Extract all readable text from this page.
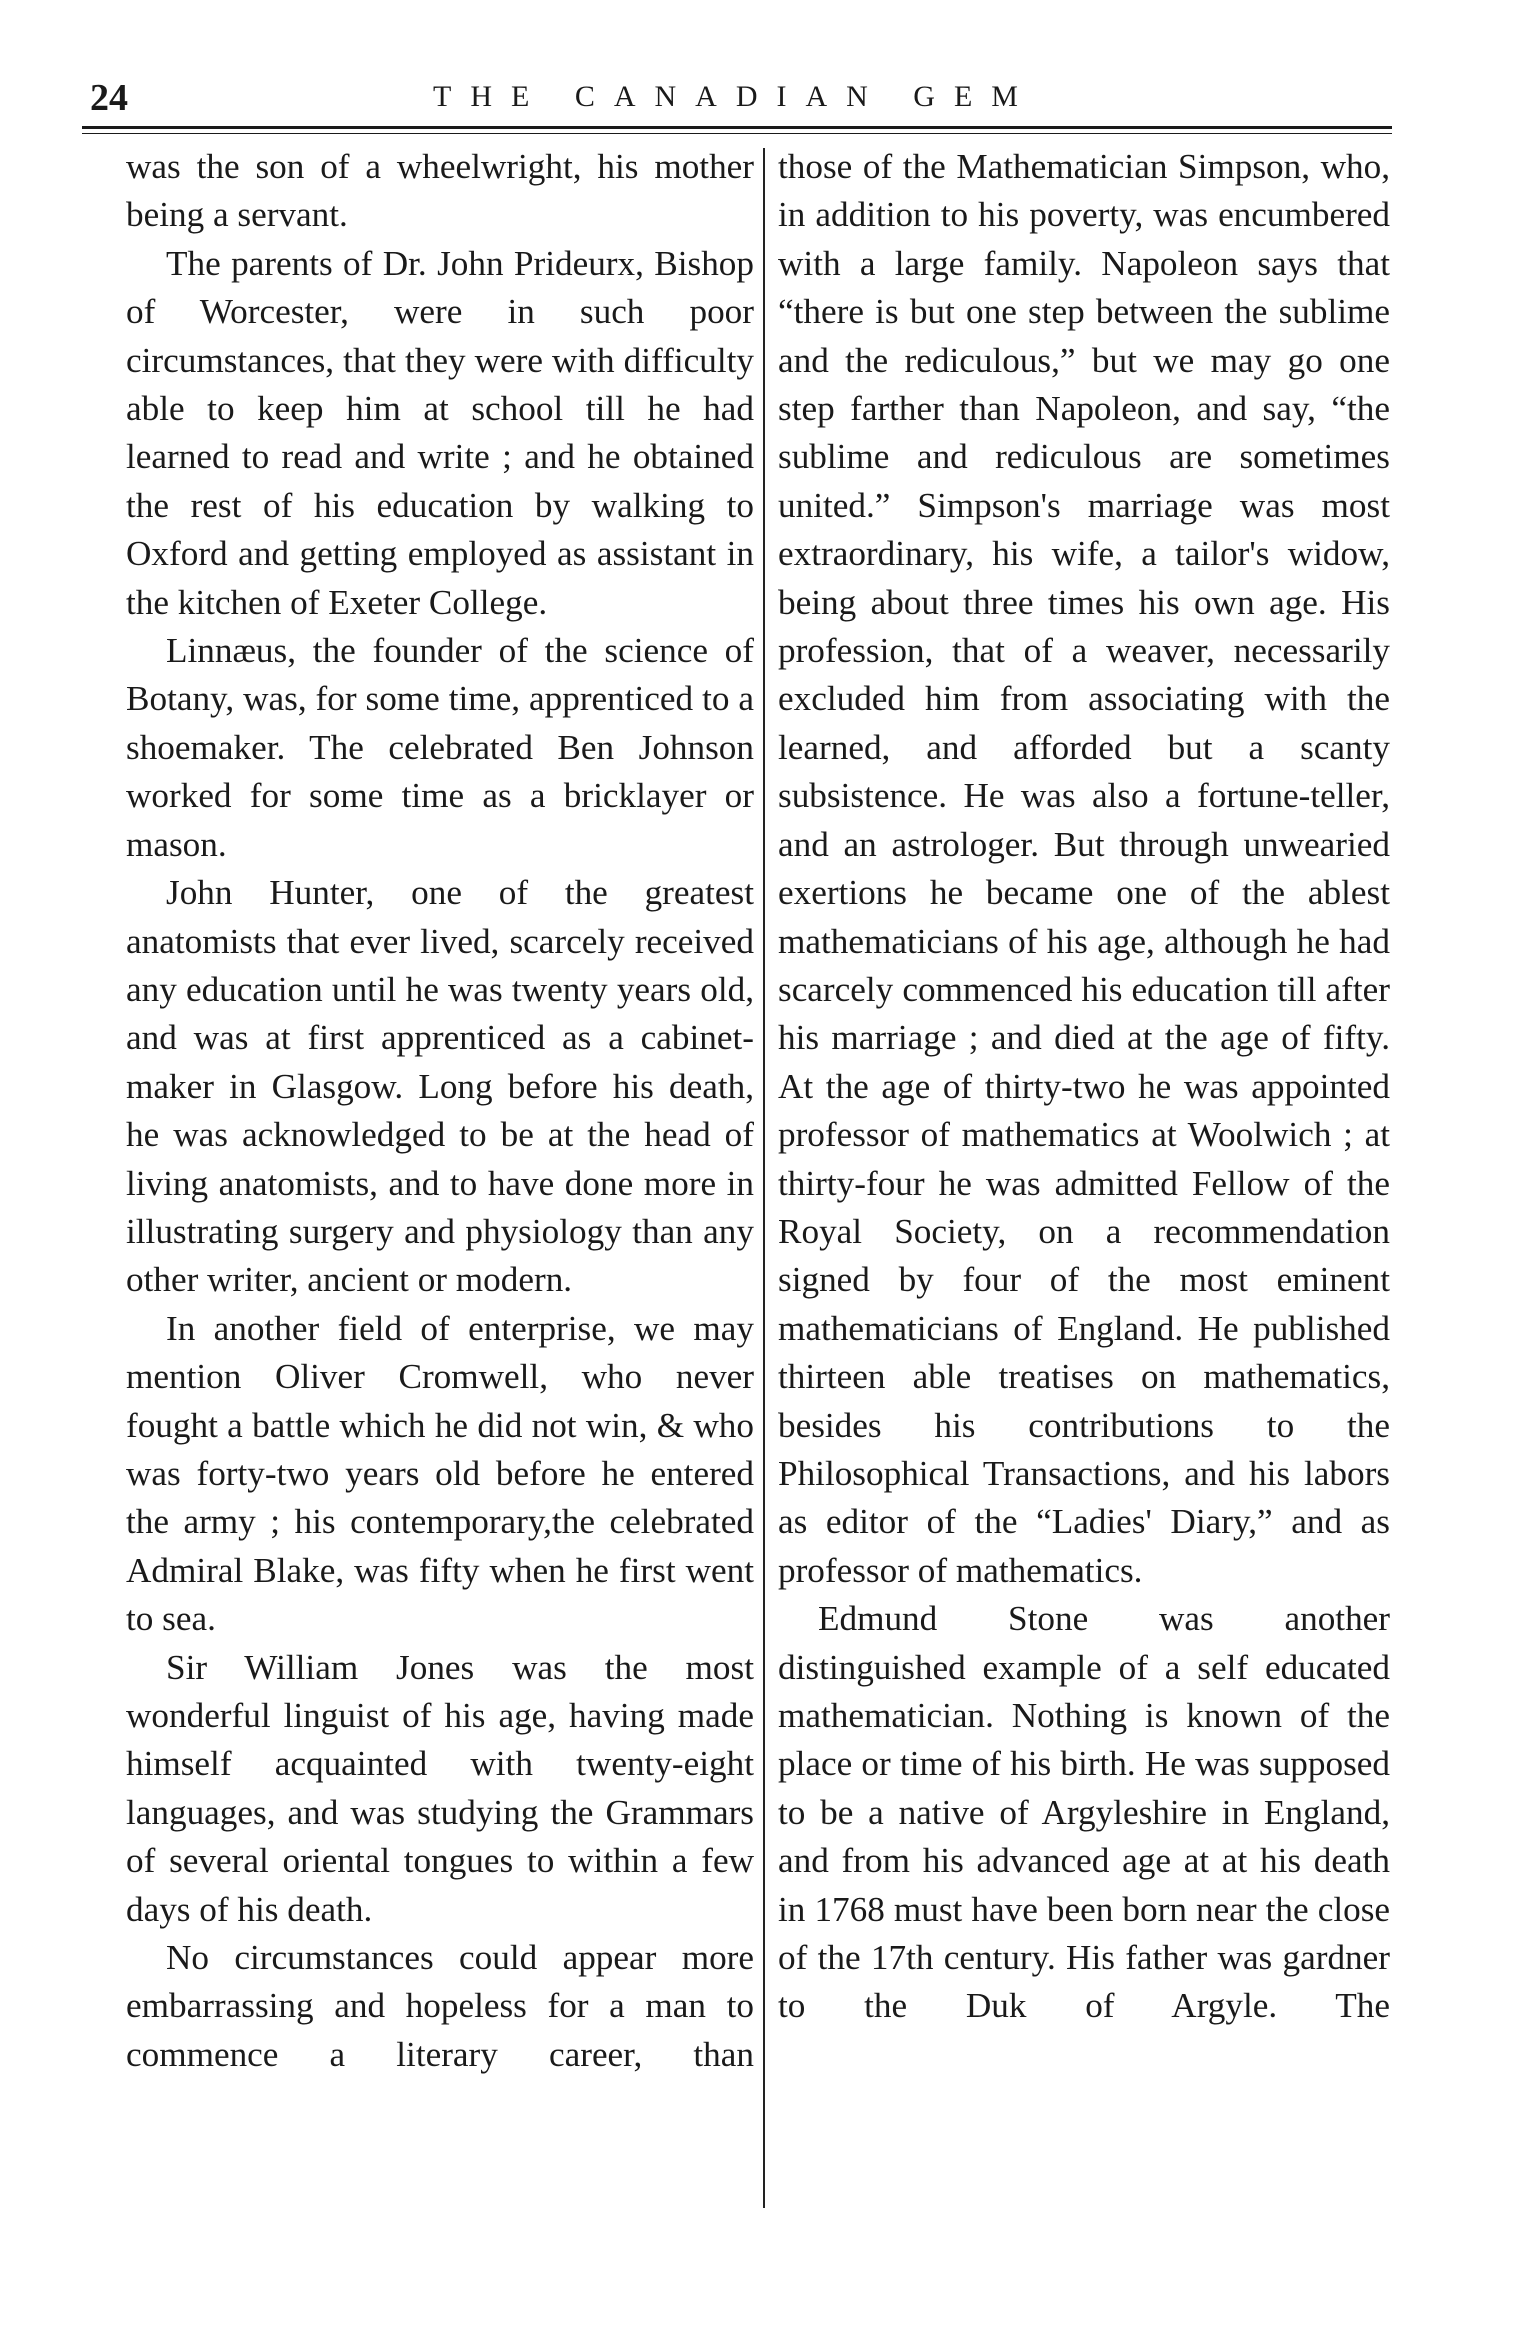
24	THE CANADIAN GEM

was the son of a wheelwright, his mother being a servant.

The parents of Dr. John Prideurx, Bishop of Worcester, were in such poor circumstances, that they were with difficulty able to keep him at school till he had learned to read and write ; and he obtained the rest of his education by walking to Oxford and getting employed as assistant in the kitchen of Exeter College.

Linnæus, the founder of the science of Botany, was, for some time, apprenticed to a shoemaker. The celebrated Ben Johnson worked for some time as a bricklayer or mason.

John Hunter, one of the greatest anatomists that ever lived, scarcely received any education until he was twenty years old, and was at first apprenticed as a cabinet-maker in Glasgow. Long before his death, he was acknowledged to be at the head of living anatomists, and to have done more in illustrating surgery and physiology than any other writer, ancient or modern.

In another field of enterprise, we may mention Oliver Cromwell, who never fought a battle which he did not win, & who was forty-two years old before he entered the army ; his contemporary,the celebrated Admiral Blake, was fifty when he first went to sea.

Sir William Jones was the most wonderful linguist of his age, having made himself acquainted with twenty-eight languages, and was studying the Grammars of several oriental tongues to within a few days of his death.

No circumstances could appear more embarrassing and hopeless for a man to commence a literary career, than

those of the Mathematician Simpson, who, in addition to his poverty, was encumbered with a large family. Napoleon says that “there is but one step between the sublime and the rediculous,” but we may go one step farther than Napoleon, and say, “the sublime and rediculous are sometimes united.” Simpson's marriage was most extraordinary, his wife, a tailor's widow, being about three times his own age. His profession, that of a weaver, necessarily excluded him from associating with the learned, and afforded but a scanty subsistence. He was also a fortune-teller, and an astrologer. But through unwearied exertions he became one of the ablest mathematicians of his age, although he had scarcely commenced his education till after his marriage ; and died at the age of fifty. At the age of thirty-two he was appointed professor of mathematics at Woolwich ; at thirty-four he was admitted Fellow of the Royal Society, on a recommendation signed by four of the most eminent mathematicians of England. He published thirteen able treatises on mathematics, besides his contributions to the Philosophical Transactions, and his labors as editor of the “Ladies' Diary,” and as professor of mathematics.

Edmund Stone was another distinguished example of a self educated mathematician. Nothing is known of the place or time of his birth. He was supposed to be a native of Argyleshire in England, and from his advanced age at at his death in 1768 must have been born near the close of the 17th century. His father was gardner to the Duk of Argyle. The
